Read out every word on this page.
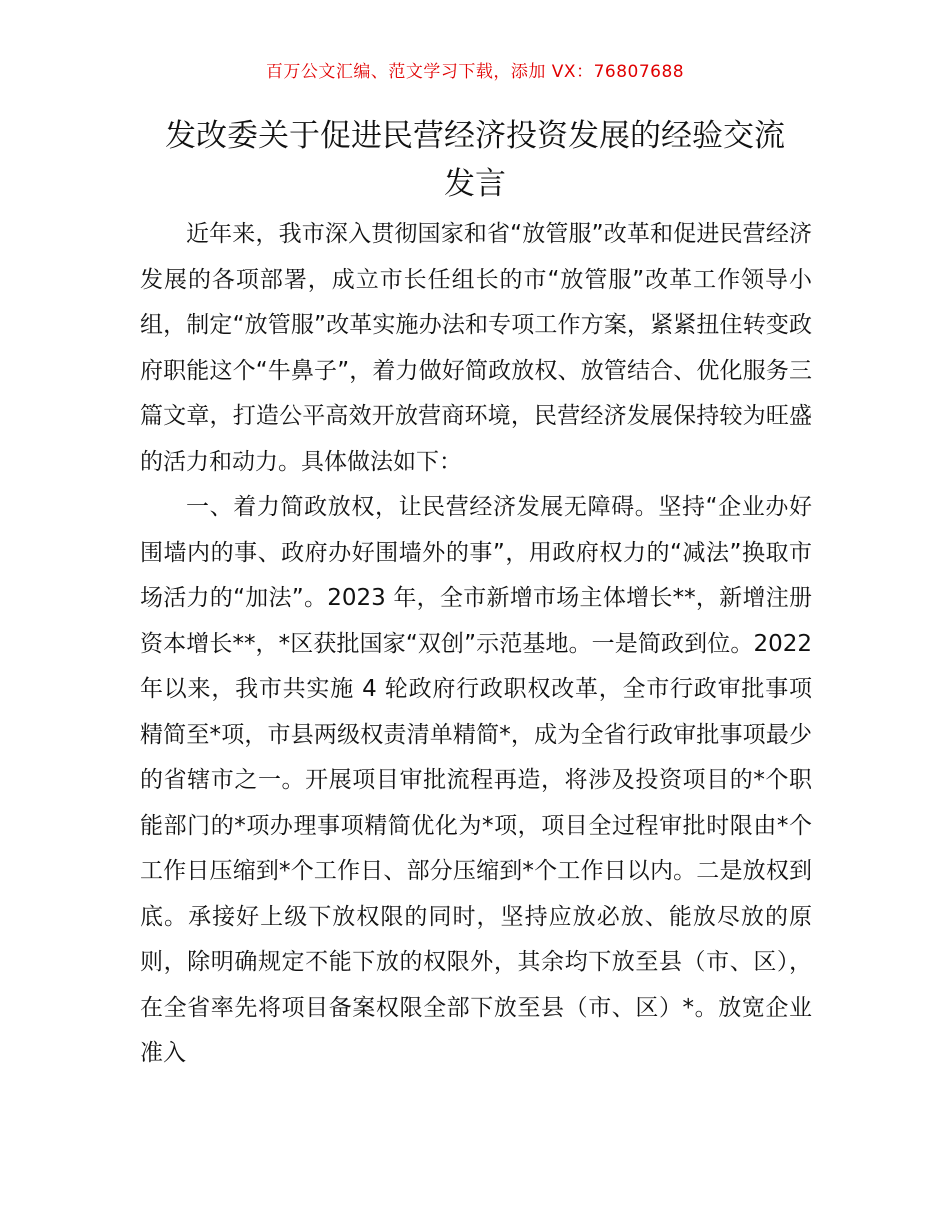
百万公文汇编、范文学习下载，添加 VX：76807688
发改委关于促进民营经济投资发展的经验交流
发言

近年来，我市深入贯彻国家和省“放管服”改革和促进民营经济发展的各项部署，成立市长任组长的市“放管服”改革工作领导小组，制定“放管服”改革实施办法和专项工作方案，紧紧扭住转变政府职能这个“牛鼻子”，着力做好简政放权、放管结合、优化服务三篇文章，打造公平高效开放营商环境，民营经济发展保持较为旺盛的活力和动力。具体做法如下：

一、着力简政放权，让民营经济发展无障碍。坚持“企业办好围墙内的事、政府办好围墙外的事”，用政府权力的“减法”换取市场活力的“加法”。2023 年，全市新增市场主体增长**，新增注册资本增长**，*区获批国家“双创”示范基地。一是简政到位。2022 年以来，我市共实施 4 轮政府行政职权改革，全市行政审批事项精简至*项，市县两级权责清单精简*，成为全省行政审批事项最少的省辖市之一。开展项目审批流程再造，将涉及投资项目的*个职能部门的*项办理事项精简优化为*项，项目全过程审批时限由*个工作日压缩到*个工作日、部分压缩到*个工作日以内。二是放权到底。承接好上级下放权限的同时，坚持应放必放、能放尽放的原则，除明确规定不能下放的权限外，其余均下放至县（市、区），在全省率先将项目备案权限全部下放至县（市、区）*。放宽企业准入
